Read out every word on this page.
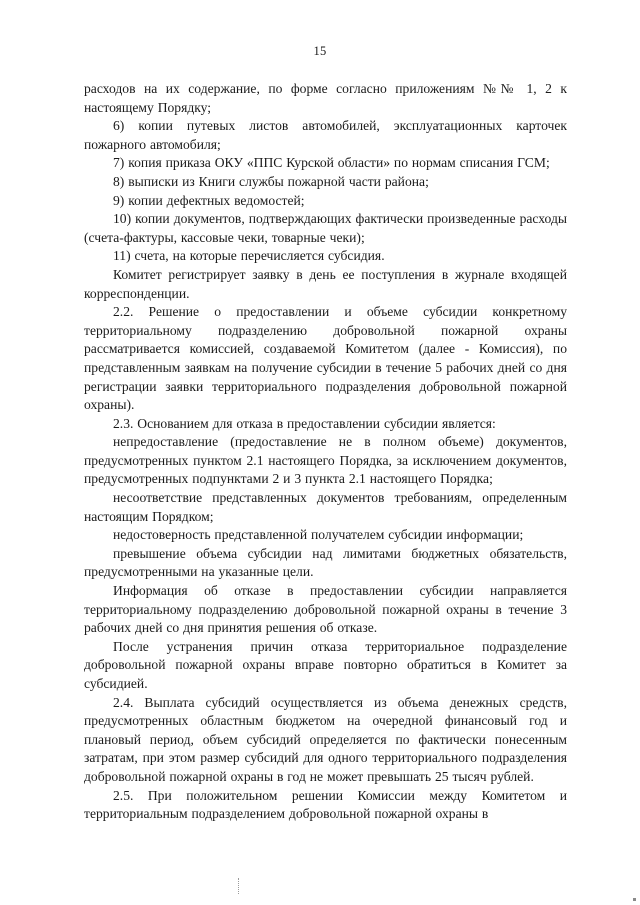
15

расходов на их содержание, по форме согласно приложениям №№ 1, 2 к настоящему Порядку;

6) копии путевых листов автомобилей, эксплуатационных карточек пожарного автомобиля;

7) копия приказа ОКУ «ППС Курской области» по нормам списания ГСМ;

8) выписки из Книги службы пожарной части района;

9) копии дефектных ведомостей;

10) копии документов, подтверждающих фактически произведенные расходы (счета-фактуры, кассовые чеки, товарные чеки);

11) счета, на которые перечисляется субсидия.

Комитет регистрирует заявку в день ее поступления в журнале входящей корреспонденции.

2.2. Решение о предоставлении и объеме субсидии конкретному территориальному подразделению добровольной пожарной охраны рассматривается комиссией, создаваемой Комитетом (далее - Комиссия), по представленным заявкам на получение субсидии в течение 5 рабочих дней со дня регистрации заявки территориального подразделения добровольной пожарной охраны).

2.3. Основанием для отказа в предоставлении субсидии является:

непредоставление (предоставление не в полном объеме) документов, предусмотренных пунктом 2.1 настоящего Порядка, за исключением документов, предусмотренных подпунктами 2 и 3 пункта 2.1 настоящего Порядка;

несоответствие представленных документов требованиям, определенным настоящим Порядком;

недостоверность представленной получателем субсидии информации;

превышение объема субсидии над лимитами бюджетных обязательств, предусмотренными на указанные цели.

Информация об отказе в предоставлении субсидии направляется территориальному подразделению добровольной пожарной охраны в течение 3 рабочих дней со дня принятия решения об отказе.

После устранения причин отказа территориальное подразделение добровольной пожарной охраны вправе повторно обратиться в Комитет за субсидией.

2.4. Выплата субсидий осуществляется из объема денежных средств, предусмотренных областным бюджетом на очередной финансовый год и плановый период, объем субсидий определяется по фактически понесенным затратам, при этом размер субсидий для одного территориального подразделения добровольной пожарной охраны в год не может превышать 25 тысяч рублей.

2.5. При положительном решении Комиссии между Комитетом и территориальным подразделением добровольной пожарной охраны в
